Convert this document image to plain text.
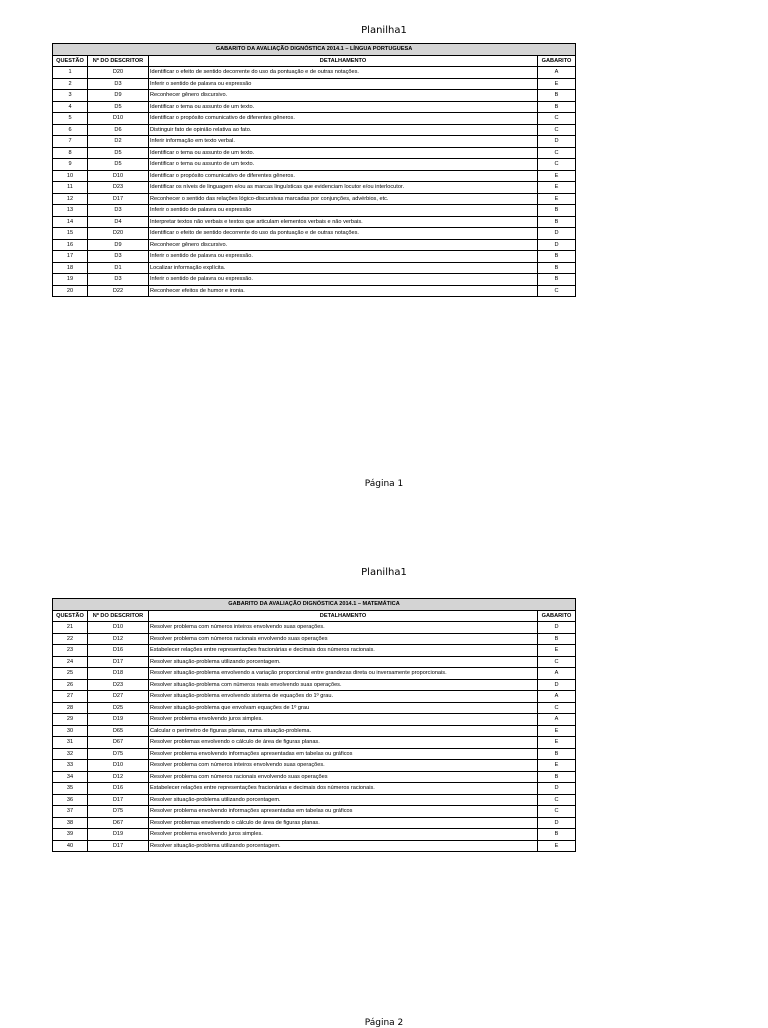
Planilha1
GABARITO DA AVALIAÇÃO DIGNÓSTICA 2014.1 – LÍNGUA PORTUGUESA			
QUESTÃO	Nº DO DESCRITOR	DETALHAMENTO	GABARITO
1	D20	Identificar o efeito de sentido decorrente do uso da pontuação e de outras notações.	A
2	D3	Inferir o sentido de palavra ou expressão	E
3	D9	Reconhecer gênero discursivo.	B
4	D5	Identificar o tema ou assunto de um texto.	B
5	D10	Identificar o propósito comunicativo de diferentes gêneros.	C
6	D6	Distinguir fato de opinião relativa ao fato.	C
7	D2	Inferir informação em texto verbal.	D
8	D5	Identificar o tema ou assunto de um texto.	C
9	D5	Identificar o tema ou assunto de um texto.	C
10	D10	Identificar o propósito comunicativo de diferentes gêneros.	E
11	D23	Identificar os níveis de linguagem e/ou as marcas linguísticas que evidenciam locutor e/ou interlocutor.	E
12	D17	Reconhecer o sentido das relações lógico-discursivas marcadas por conjunções, advérbios, etc.	E
13	D3	Inferir o sentido de palavra ou expressão	B
14	D4	Interpretar textos não verbais e textos que articulam elementos verbais e não verbais.	B
15	D20	Identificar o efeito de sentido decorrente do uso da pontuação e de outras notações.	D
16	D9	Reconhecer gênero discursivo.	D
17	D3	Inferir o sentido de palavra ou expressão.	B
18	D1	Localizar informação explícita.	B
19	D3	Inferir o sentido de palavra ou expressão.	B
20	D22	Reconhecer efeitos de humor e ironia.	C
Página 1
Planilha1
GABARITO DA AVALIAÇÃO DIGNÓSTICA 2014.1 – MATEMÁTICA			
QUESTÃO	Nº DO DESCRITOR	DETALHAMENTO	GABARITO
21	D10	Resolver problema com números inteiros envolvendo suas operações.	D
22	D12	Resolver problema com números racionais envolvendo suas operações	B
23	D16	Estabelecer relações entre representações fracionárias e decimais dos números racionais.	E
24	D17	Resolver situação-problema utilizando porcentagem.	C
25	D18	Resolver situação-problema envolvendo a variação proporcional entre grandezas direta ou inversamente proporcionais.	A
26	D23	Resolver situação-problema com números reais envolvendo suas operações.	D
27	D27	Resolver situação-problema envolvendo sistema de equações do 1º grau.	A
28	D25	Resolver situação-problema que envolvam equações de 1º grau	C
29	D19	Resolver problema envolvendo juros simples.	A
30	D65	Calcular o perímetro de figuras planas, numa situação-problema.	E
31	D67	Resolver problemas envolvendo o cálculo de área de figuras planas.	E
32	D75	Resolver problema envolvendo informações apresentadas em tabelas ou gráficos	B
33	D10	Resolver problema com números inteiros envolvendo suas operações.	E
34	D12	Resolver problema com números racionais envolvendo suas operações	B
35	D16	Estabelecer relações entre representações fracionárias e decimais dos números racionais.	D
36	D17	Resolver situação-problema utilizando porcentagem.	C
37	D75	Resolver problema envolvendo informações apresentadas em tabelas ou gráficos	C
38	D67	Resolver problemas envolvendo o cálculo de área de figuras planas.	D
39	D19	Resolver problema envolvendo juros simples.	B
40	D17	Resolver situação-problema utilizando porcentagem.	E
Página 2
